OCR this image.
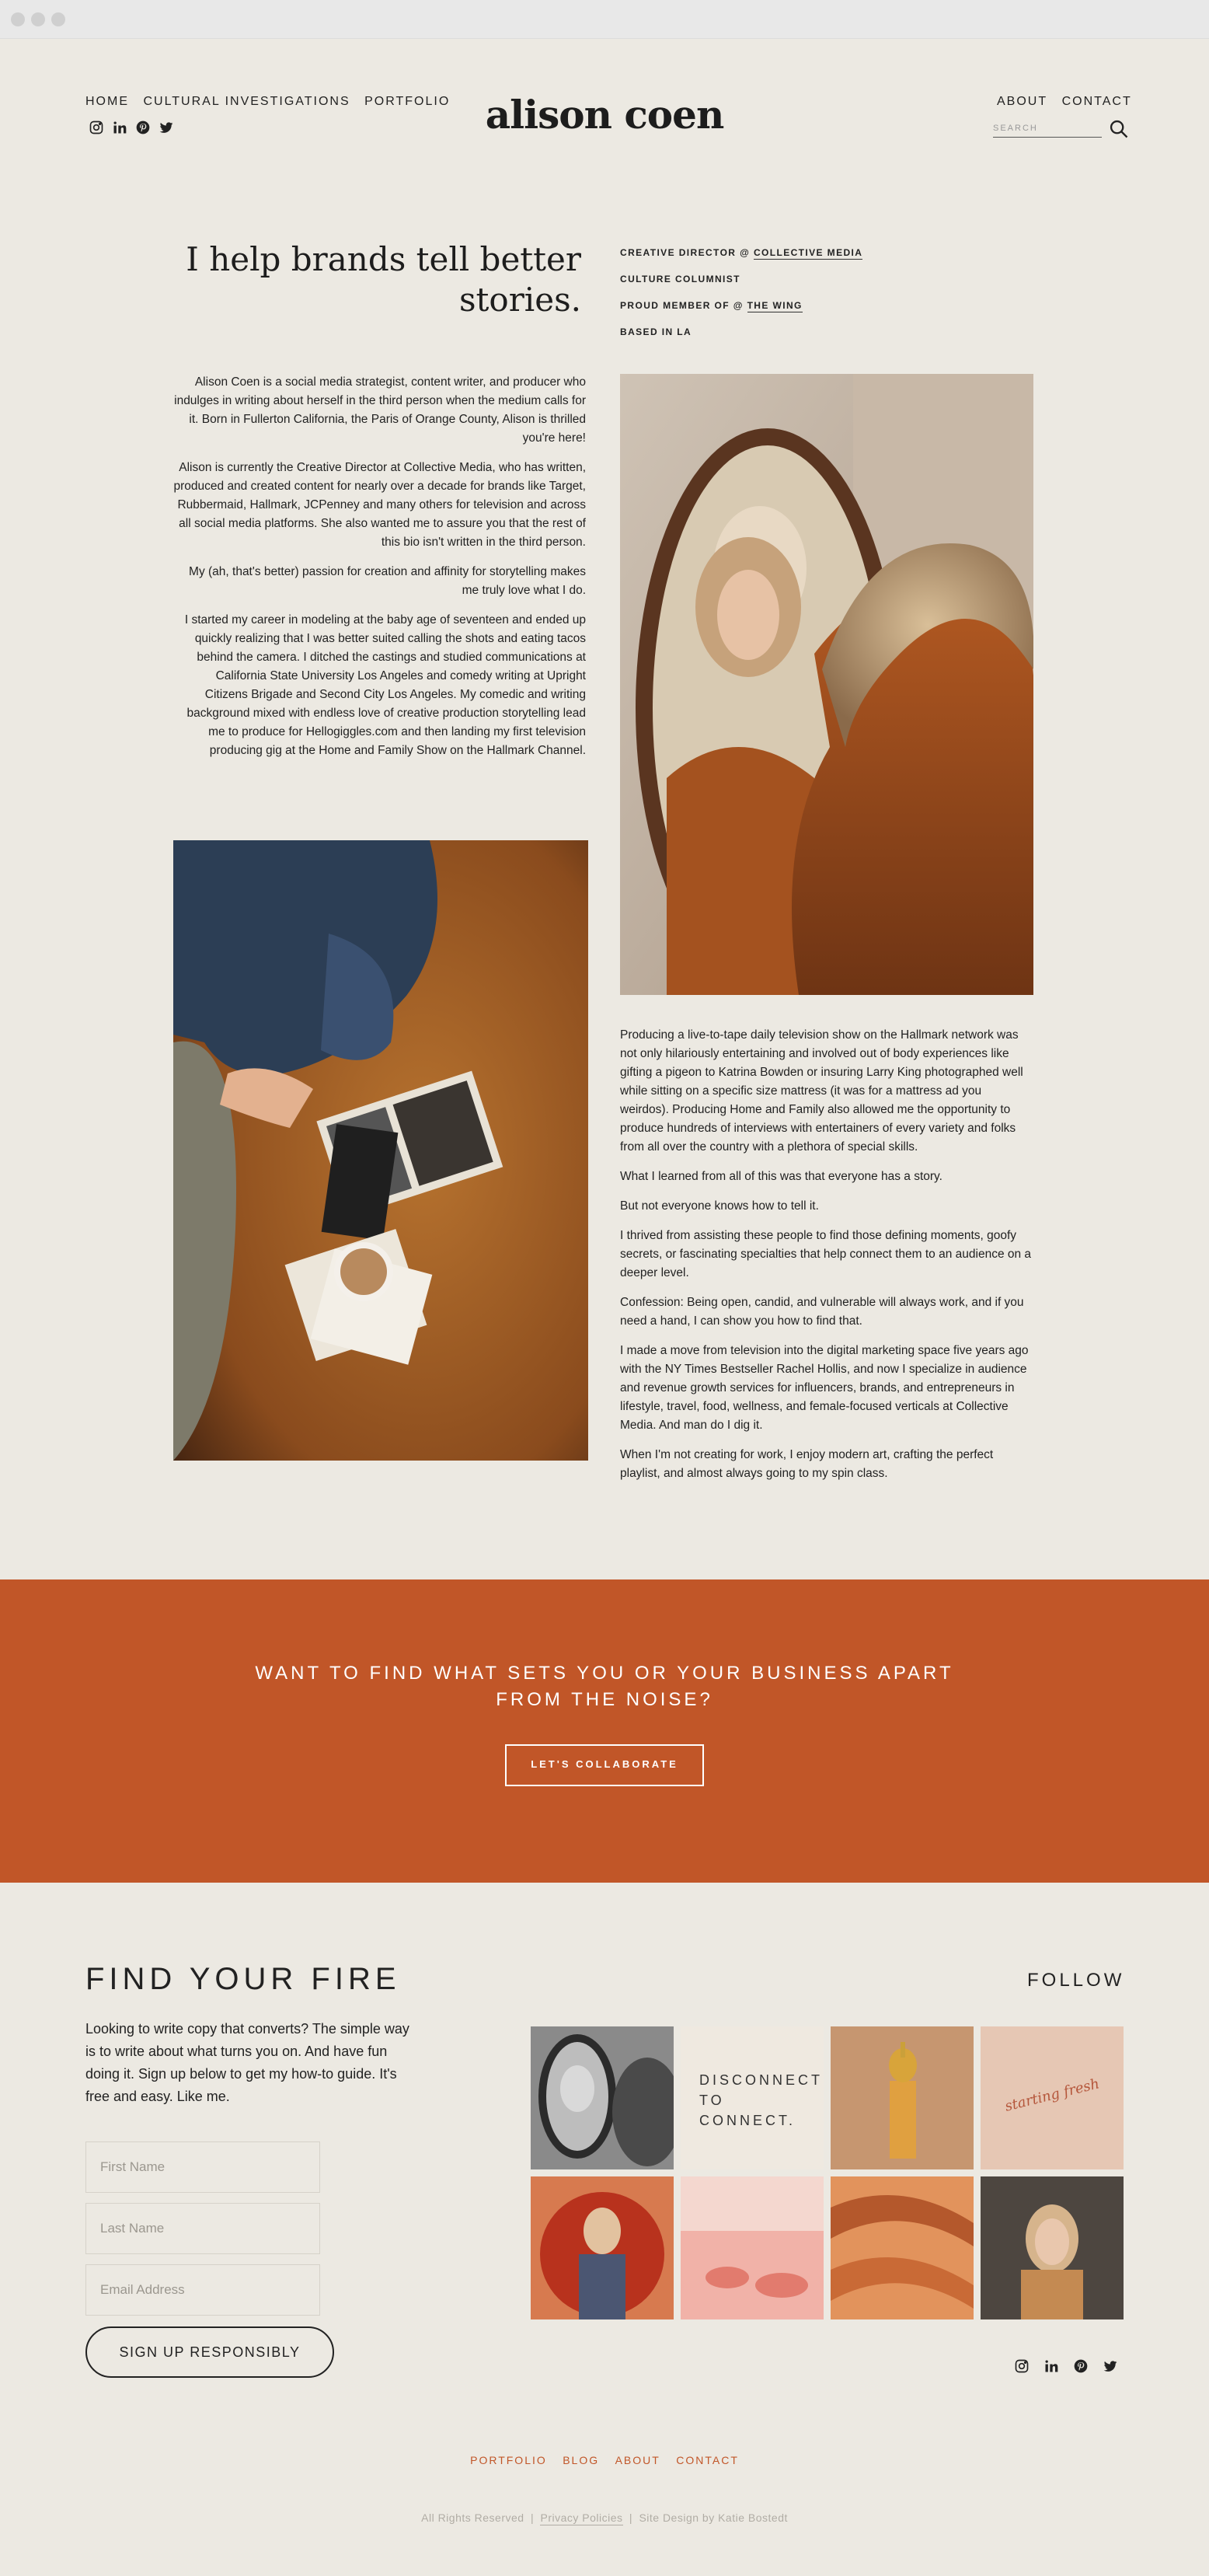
HOME CULTURAL INVESTIGATIONS PORTFOLIO alison coen	ABOUT CONTACT
SEARCH
I help brands tell better
stories.
CREATIVE DIRECTOR @ COLLECTIVE MEDIA
CULTURE COLUMNIST
PROUD MEMBER OF @ THE WING
BASED IN LA

Alison Coen is a social media strategist, content writer, and producer who indulges in writing about herself in the third person when the medium calls for it. Born in Fullerton California, the Paris of Orange County, Alison is thrilled you're here!

Alison is currently the Creative Director at Collective Media, who has written, produced and created content for nearly over a decade for brands like Target, Rubbermaid, Hallmark, JCPenney and many others for television and across all social media platforms. She also wanted me to assure you that the rest of this bio isn't written in the third person.

My (ah, that's better) passion for creation and affinity for storytelling makes me truly love what I do.

I started my career in modeling at the baby age of seventeen and ended up quickly realizing that I was better suited calling the shots and eating tacos behind the camera. I ditched the castings and studied communications at California State University Los Angeles and comedy writing at Upright Citizens Brigade and Second City Los Angeles. My comedic and writing background mixed with endless love of creative production storytelling lead me to produce for Hellogiggles.com and then landing my first television producing gig at the Home and Family Show on the Hallmark Channel.

Producing a live-to-tape daily television show on the Hallmark network was not only hilariously entertaining and involved out of body experiences like gifting a pigeon to Katrina Bowden or insuring Larry King photographed well while sitting on a specific size mattress (it was for a mattress ad you weirdos). Producing Home and Family also allowed me the opportunity to produce hundreds of interviews with entertainers of every variety and folks from all over the country with a plethora of special skills.

What I learned from all of this was that everyone has a story.

But not everyone knows how to tell it.

I thrived from assisting these people to find those defining moments, goofy secrets, or fascinating specialties that help connect them to an audience on a deeper level.

Confession: Being open, candid, and vulnerable will always work, and if you need a hand, I can show you how to find that.

I made a move from television into the digital marketing space five years ago with the NY Times Bestseller Rachel Hollis, and now I specialize in audience and revenue growth services for influencers, brands, and entrepreneurs in lifestyle, travel, food, wellness, and female-focused verticals at Collective Media. And man do I dig it.

When I'm not creating for work, I enjoy modern art, crafting the perfect playlist, and almost always going to my spin class.

WANT TO FIND WHAT SETS YOU OR YOUR BUSINESS APART
FROM THE NOISE?
LET'S COLLABORATE
FIND YOUR FIRE
Looking to write copy that converts? The simple way is to write about what turns you on. And have fun doing it. Sign up below to get my how-to guide. It's free and easy. Like me.
First Name
Last Name
Email Address
SIGN UP RESPONSIBLY
FOLLOW
DISCONNECT
TO
CONNECT.
starting fresh
PORTFOLIO BLOG ABOUT CONTACT
All Rights Reserved | Privacy Policies | Site Design by Katie Bostedt
